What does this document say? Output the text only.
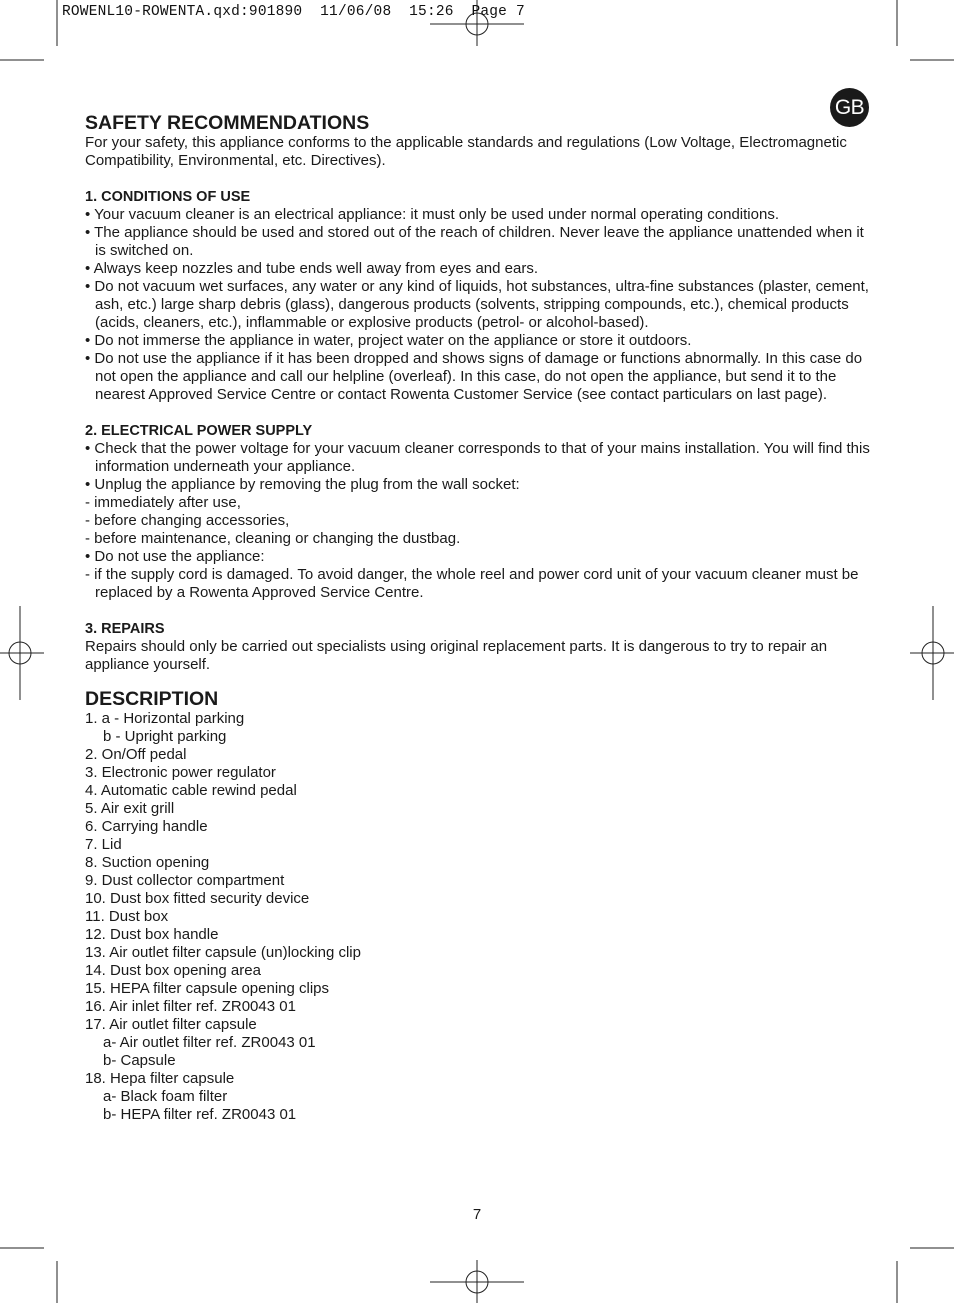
ROWENL10-ROWENTA.qxd:901890  11/06/08  15:26  Page 7
GB
SAFETY RECOMMENDATIONS

For your safety, this appliance conforms to the applicable standards and regulations (Low Voltage, Electromagnetic Compatibility, Environmental, etc. Directives).

1. CONDITIONS OF USE
• Your vacuum cleaner is an electrical appliance: it must only be used under normal operating conditions.
• The appliance should be used and stored out of the reach of children. Never leave the appliance unattended when it is switched on.
• Always keep nozzles and tube ends well away from eyes and ears.
• Do not vacuum wet surfaces, any water or any kind of liquids, hot substances, ultra-fine substances (plaster, cement, ash, etc.) large sharp debris (glass), dangerous products (solvents, stripping compounds, etc.), chemical products (acids, cleaners, etc.), inflammable or explosive products (petrol- or alcohol-based).
• Do not immerse the appliance in water, project water on the appliance or store it outdoors.
• Do not use the appliance if it has been dropped and shows signs of damage or functions abnormally. In this case do not open the appliance and call our helpline (overleaf). In this case, do not open the appliance, but send it to the nearest Approved Service Centre or contact Rowenta Customer Service (see contact particulars on last page).
2. ELECTRICAL POWER SUPPLY
• Check that the power voltage for your vacuum cleaner corresponds to that of your mains installation. You will find this information underneath your appliance.
• Unplug the appliance by removing the plug from the wall socket:
- immediately after use,
- before changing accessories,
- before maintenance, cleaning or changing the dustbag.
• Do not use the appliance:
- if the supply cord is damaged. To avoid danger, the whole reel and power cord unit of your vacuum cleaner must be replaced by a Rowenta Approved Service Centre.
3. REPAIRS

Repairs should only be carried out specialists using original replacement parts. It is dangerous to try to repair an appliance yourself.

DESCRIPTION
1. a - Horizontal parking
b - Upright parking
2. On/Off pedal
3. Electronic power regulator
4. Automatic cable rewind pedal
5. Air exit grill
6. Carrying handle
7. Lid
8. Suction opening
9. Dust collector compartment
10. Dust box fitted security device
11. Dust box
12. Dust box handle
13. Air outlet filter capsule (un)locking clip
14. Dust box opening area
15. HEPA filter capsule opening clips
16. Air inlet filter ref. ZR0043 01
17. Air outlet filter capsule
a- Air outlet filter ref. ZR0043 01
b- Capsule
18. Hepa filter capsule
a- Black foam filter
b- HEPA filter ref. ZR0043 01
7
